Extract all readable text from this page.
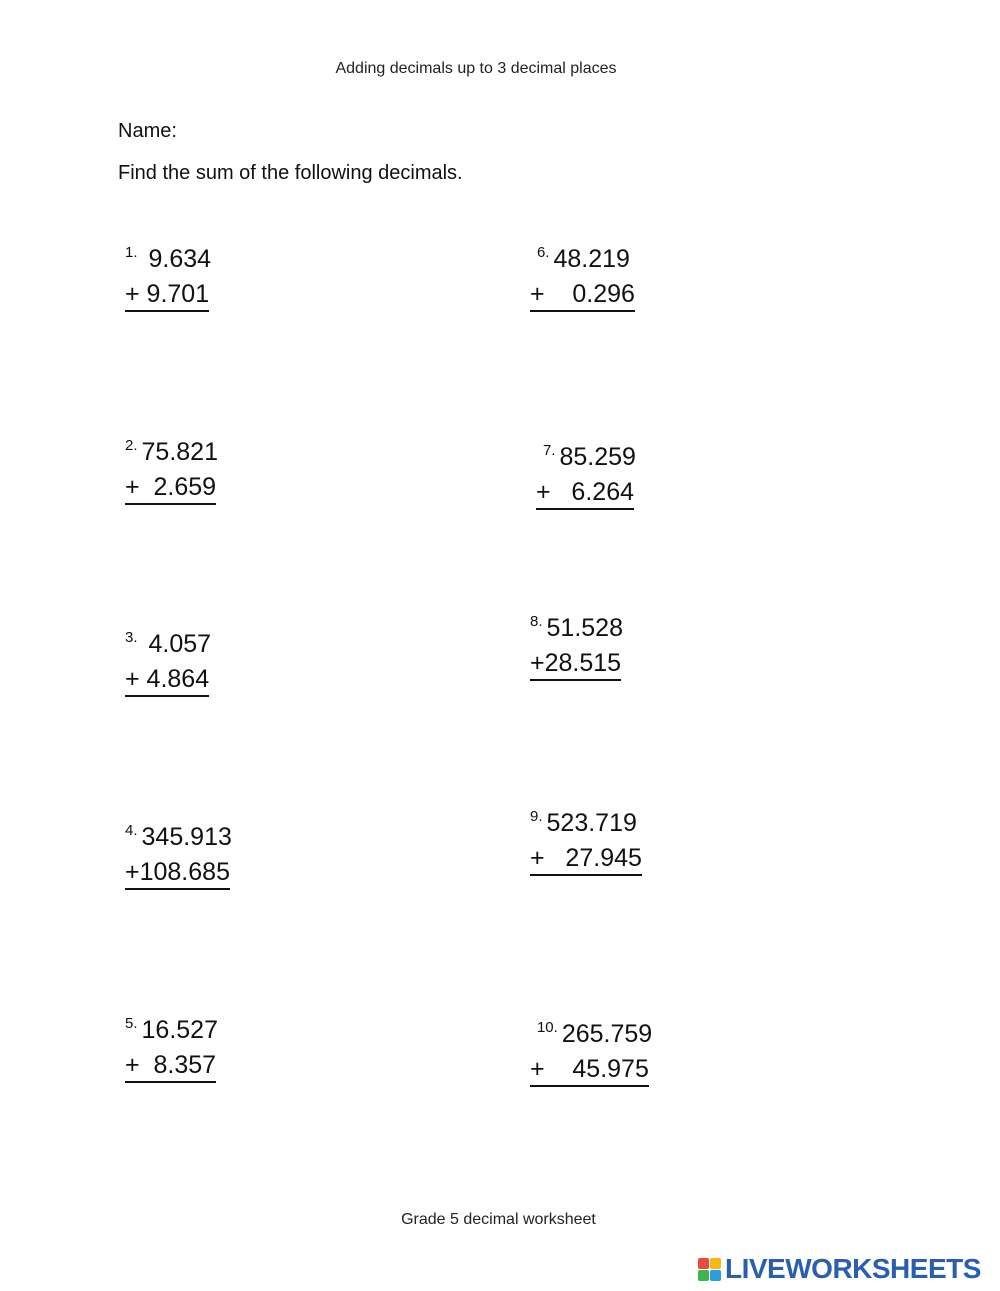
Adding decimals up to 3 decimal places
Name:
Find the sum of the following decimals.
$^{1.}$ 9.634
+ 9.701
$^{2.}$ 75.821
+  2.659
$^{3.}$ 4.057
+ 4.864
$^{4.}$ 345.913
+108.685
$^{5.}$ 16.527
+  8.357
$^{6.}$ 48.219
+    0.296
$^{7.}$ 85.259
+   6.264
$^{8.}$ 51.528
+28.515
$^{9.}$ 523.719
+   27.945
$^{10.}$ 265.759
+    45.975
Grade 5 decimal worksheet
LIVEWORKSHEETS
